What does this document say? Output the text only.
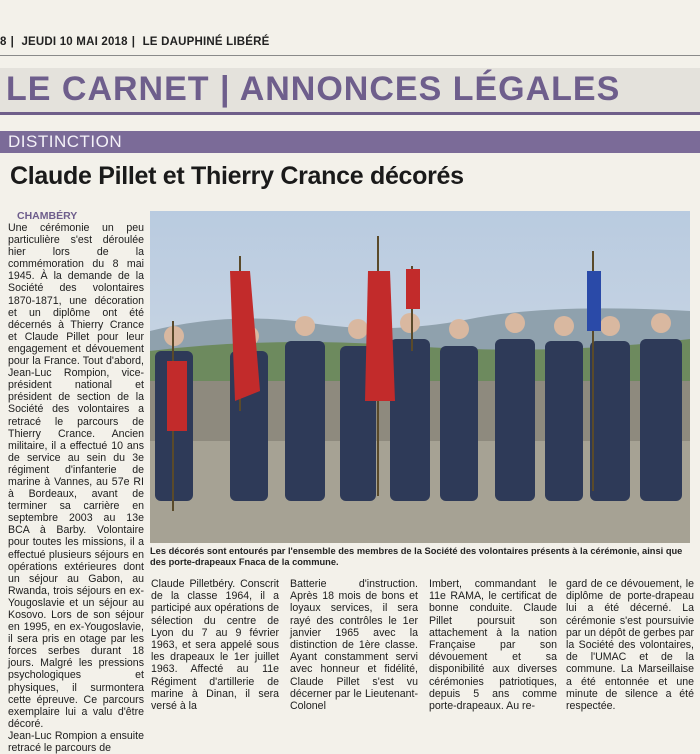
8 | JEUDI 10 MAI 2018 | LE DAUPHINÉ LIBÉRÉ
LE CARNET | ANNONCES LÉGALES
DISTINCTION
Claude Pillet et Thierry Crance décorés
CHAMBÉRY

Une cérémonie un peu particulière s'est déroulée hier lors de la commémoration du 8 mai 1945. À la demande de la Société des volontaires 1870-1871, une décoration et un diplôme ont été décernés à Thierry Crance et Claude Pillet pour leur engagement et dévouement pour la France. Tout d'abord, Jean-Luc Rompion, vice-président national et président de section de la Société des volontaires a retracé le parcours de Thierry Crance. Ancien militaire, il a effectué 10 ans de service au sein du 3e régiment d'infanterie de marine à Vannes, au 57e RI à Bordeaux, avant de terminer sa carrière en septembre 2003 au 13e BCA à Barby. Volontaire pour toutes les missions, il a effectué plusieurs séjours en opérations extérieures dont un séjour au Gabon, au Rwanda, trois séjours en ex-Yougoslavie et un séjour au Kosovo. Lors de son séjour en 1995, en ex-Yougoslavie, il sera pris en otage par les forces serbes durant 18 jours. Malgré les pressions psychologiques et physiques, il surmontera cette épreuve. Ce parcours exemplaire lui a valu d'être décoré.

Jean-Luc Rompion a ensuite retracé le parcours de

Les décorés sont entourés par l'ensemble des membres de la Société des volontaires présents à la cérémonie, ainsi que des porte-drapeaux Fnaca de la commune.
Claude Pilletbéry. Conscrit de la classe 1964, il a participé aux opérations de sélection du centre de Lyon du 7 au 9 février 1963, et sera appelé sous les drapeaux le 1er juillet 1963. Affecté au 11e Régiment d'artillerie de marine à Dinan, il sera versé à la
Batterie d'instruction. Après 18 mois de bons et loyaux services, il sera rayé des contrôles le 1er janvier 1965 avec la distinction de 1ère classe. Ayant constamment servi avec honneur et fidélité, Claude Pillet s'est vu décerner par le Lieutenant-Colonel
Imbert, commandant le 11e RAMA, le certificat de bonne conduite. Claude Pillet poursuit son attachement à la nation Française par son dévouement et sa disponibilité aux diverses cérémonies patriotiques, depuis 5 ans comme porte-drapeaux. Au re-
gard de ce dévouement, le diplôme de porte-drapeau lui a été décerné. La cérémonie s'est poursuivie par un dépôt de gerbes par la Société des volontaires, de l'UMAC et de la commune. La Marseillaise a été entonnée et une minute de silence a été respectée.
